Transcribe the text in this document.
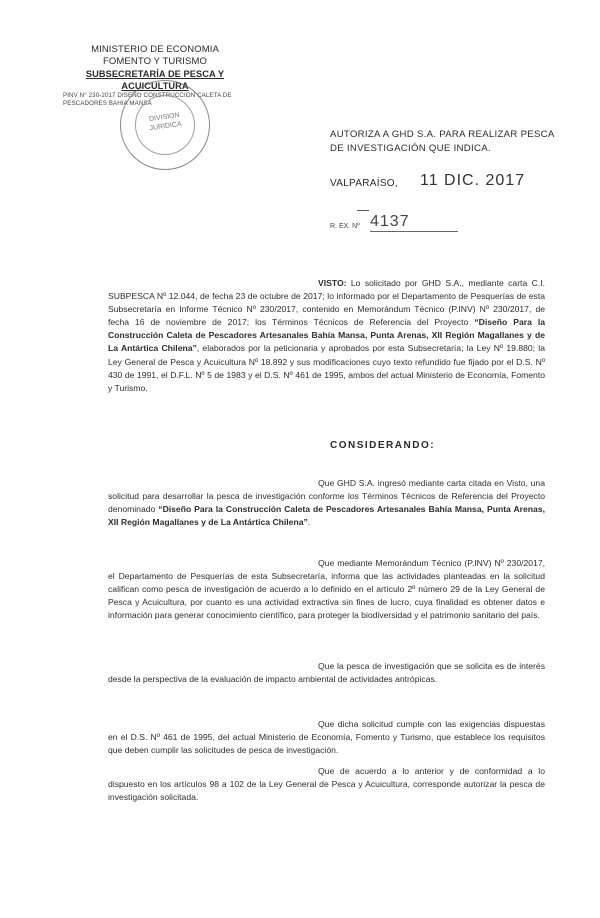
MINISTERIO DE ECONOMIA
FOMENTO Y TURISMO
SUBSECRETARÍA DE PESCA Y ACUICULTURA
PINV N° 230-2017 DISEÑO CONSTRUCCION CALETA DE
PESCADORES BAHIA MANSA
DIVISION
JURIDICA
AUTORIZA A GHD S.A. PARA REALIZAR PESCA DE INVESTIGACIÓN QUE INDICA.
VALPARAÍSO, 11 DIC. 2017
R. EX. Nº 4137
VISTO: Lo solicitado por GHD S.A., mediante carta C.I. SUBPESCA Nº 12.044, de fecha 23 de octubre de 2017; lo informado por el Departamento de Pesquerías de esta Subsecretaría en Informe Técnico Nº 230/2017, contenido en Memorándum Técnico (P.INV) Nº 230/2017, de fecha 16 de noviembre de 2017; los Términos Técnicos de Referencia del Proyecto “Diseño Para la Construcción Caleta de Pescadores Artesanales Bahía Mansa, Punta Arenas, XII Región Magallanes y de La Antártica Chilena”, elaborados por la peticionaria y aprobados por esta Subsecretaría; la Ley Nº 19.880; la Ley General de Pesca y Acuicultura Nº 18.892 y sus modificaciones cuyo texto refundido fue fijado por el D.S. Nº 430 de 1991, el D.F.L. Nº 5 de 1983 y el D.S. Nº 461 de 1995, ambos del actual Ministerio de Economía, Fomento y Turismo.
CONSIDERANDO:
Que GHD S.A. ingresó mediante carta citada en Visto, una solicitud para desarrollar la pesca de investigación conforme los Términos Técnicos de Referencia del Proyecto denominado “Diseño Para la Construcción Caleta de Pescadores Artesanales Bahía Mansa, Punta Arenas, XII Región Magallanes y de La Antártica Chilena”.
Que mediante Memorándum Técnico (P.INV) Nº 230/2017, el Departamento de Pesquerías de esta Subsecretaría, informa que las actividades planteadas en la solicitud califican como pesca de investigación de acuerdo a lo definido en el artículo 2º número 29 de la Ley General de Pesca y Acuicultura, por cuanto es una actividad extractiva sin fines de lucro, cuya finalidad es obtener datos e información para generar conocimiento científico, para proteger la biodiversidad y el patrimonio sanitario del país.
Que la pesca de investigación que se solicita es de interés desde la perspectiva de la evaluación de impacto ambiental de actividades antrópicas.
Que dicha solicitud cumple con las exigencias dispuestas en el D.S. Nº 461 de 1995, del actual Ministerio de Economía, Fomento y Turismo, que establece los requisitos que deben cumplir las solicitudes de pesca de investigación.
Que de acuerdo a lo anterior y de conformidad a lo dispuesto en los artículos 98 a 102 de la Ley General de Pesca y Acuicultura, corresponde autorizar la pesca de investigación solicitada.
